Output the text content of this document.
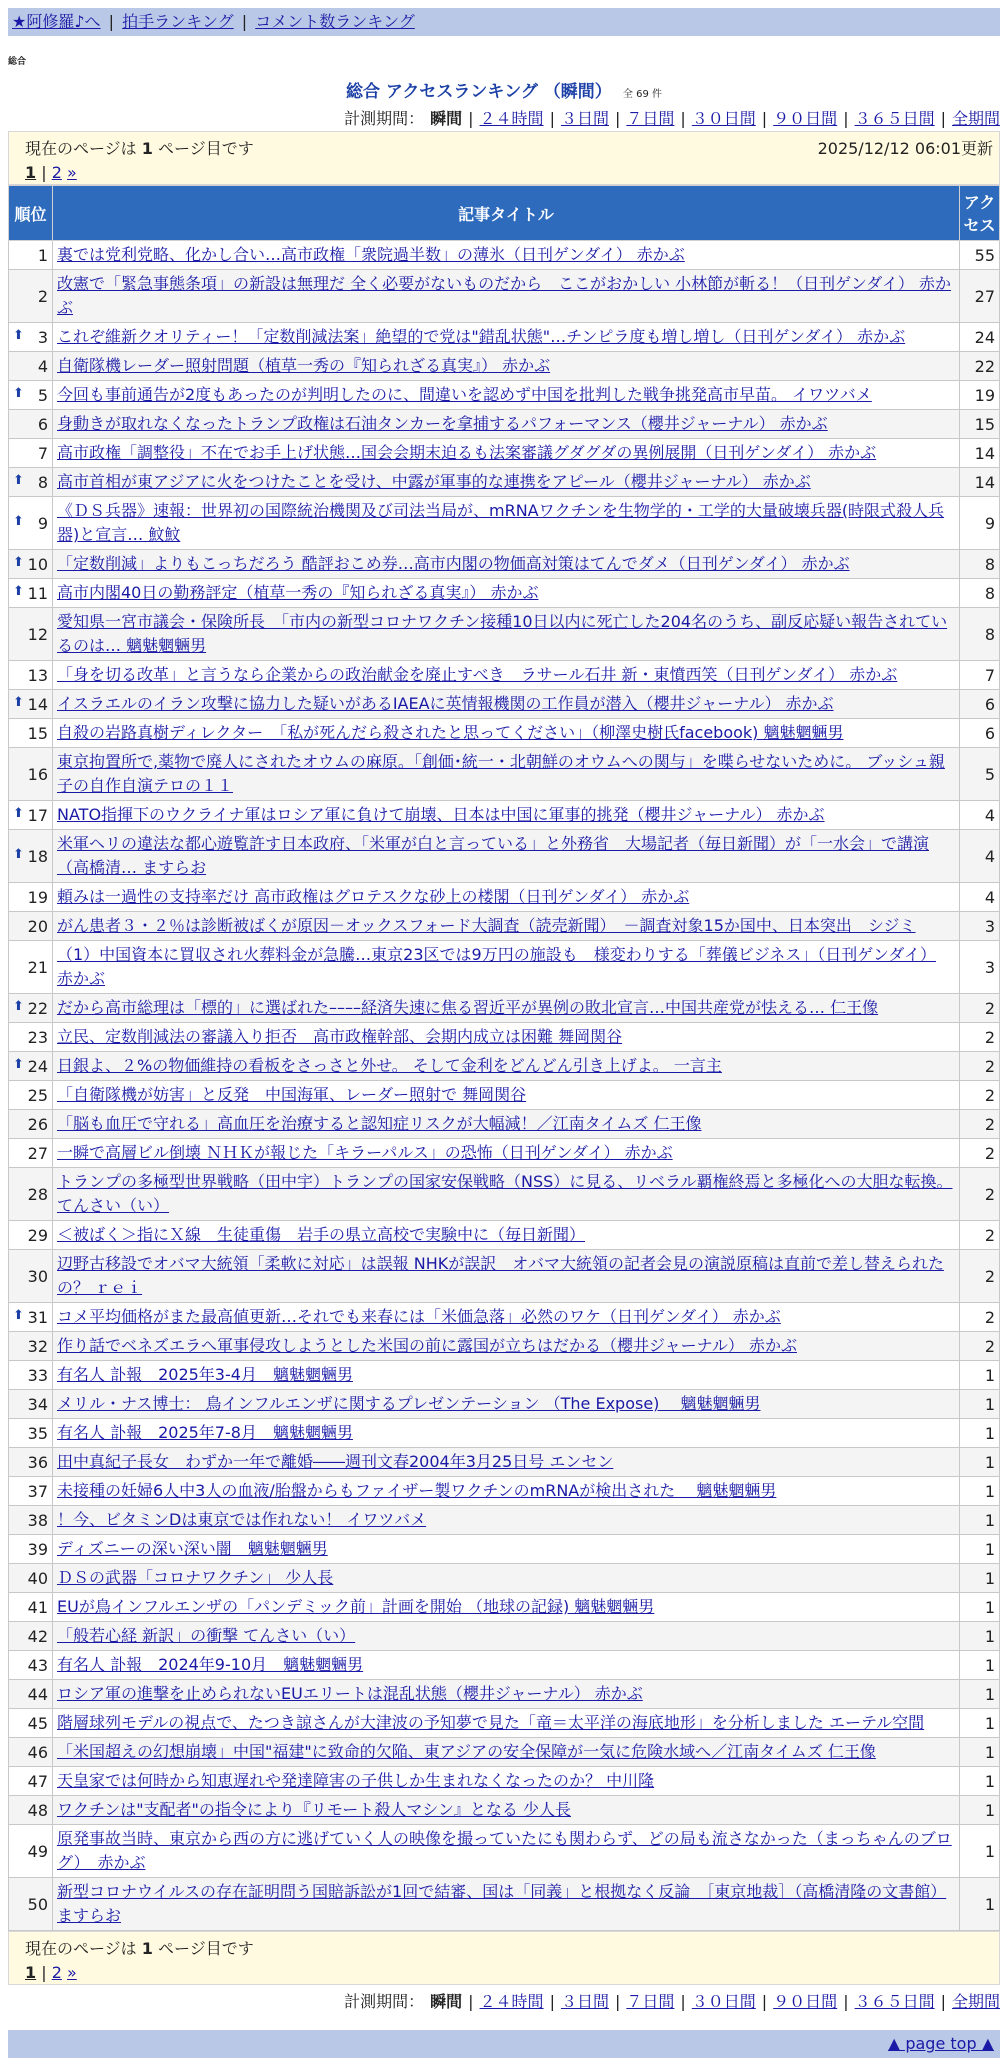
★阿修羅♪へ | 拍手ランキング | コメント数ランキング
総合
総合 アクセスランキング （瞬間） 全 69 件
計測期間： 瞬間 | ２４時間 | ３日間 | ７日間 | ３０日間 | ９０日間 | ３６５日間 | 全期間
現在のページは 1 ページ目です	2025/12/12 06:01更新
1 | 2 »
順位	記事タイトル	アクセス
1	裏では党利党略、化かし合い…高市政権「衆院過半数」の薄氷（日刊ゲンダイ） 赤かぶ	55
2	改憲で「緊急事態条項」の新設は無理だ 全く必要がないものだから　ここがおかしい 小林節が斬る！（日刊ゲンダイ） 赤かぶ	27

⬆ 3	これぞ維新クオリティー！「定数削減法案」絶望的で党は"錯乱状態"…チンピラ度も増し増し（日刊ゲンダイ） 赤かぶ	24
4	自衛隊機レーダー照射問題（植草一秀の『知られざる真実』） 赤かぶ	22

⬆ 5	今回も事前通告が2度もあったのが判明したのに、間違いを認めず中国を批判した戦争挑発高市早苗。 イワツバメ	19
6	身動きが取れなくなったトランプ政権は石油タンカーを拿捕するパフォーマンス（櫻井ジャーナル） 赤かぶ	15
7	高市政権「調整役」不在でお手上げ状態…国会会期末迫るも法案審議グダグダの異例展開（日刊ゲンダイ） 赤かぶ	14

⬆ 8	高市首相が東アジアに火をつけたことを受け、中露が軍事的な連携をアピール（櫻井ジャーナル） 赤かぶ	14

⬆ 9	《ＤＳ兵器》速報：世界初の国際統治機関及び司法当局が、mRNAワクチンを生物学的・工学的大量破壊兵器(時限式殺人兵器)と宣言… 魰魰	9

⬆ 10	「定数削減」よりもこっちだろう 酷評おこめ券…高市内閣の物価高対策はてんでダメ（日刊ゲンダイ） 赤かぶ	8

⬆ 11	高市内閣40日の勤務評定（植草一秀の『知られざる真実』） 赤かぶ	8
12	愛知県一宮市議会・保険所長　「市内の新型コロナワクチン接種10日以内に死亡した204名のうち、副反応疑い報告されているのは… 魑魅魍魎男	8
13	「身を切る改革」と言うなら企業からの政治献金を廃止すべき　ラサール石井 新・東憤西笑（日刊ゲンダイ） 赤かぶ	7

⬆ 14	イスラエルのイラン攻撃に協力した疑いがあるIAEAに英情報機関の工作員が潜入（櫻井ジャーナル） 赤かぶ	6
15	自殺の岩路真樹ディレクター　「私が死んだら殺されたと思ってください」（柳澤史樹氏facebook) 魑魅魍魎男	6
16	東京拘置所で,薬物で廃人にされたオウムの麻原。「創価･統一・北朝鮮のオウムへの関与」を喋らせないために。 ブッシュ親子の自作自演テロの１１	5

⬆ 17	NATO指揮下のウクライナ軍はロシア軍に負けて崩壊、日本は中国に軍事的挑発（櫻井ジャーナル） 赤かぶ	4

⬆ 18	米軍ヘリの違法な都心遊覧許す日本政府、「米軍が白と言っている」と外務省　大場記者（毎日新聞）が「一水会」で講演（高橋清… ますらお	4
19	頼みは一過性の支持率だけ 高市政権はグロテスクな砂上の楼閣（日刊ゲンダイ） 赤かぶ	4
20	がん患者３・２％は診断被ばくが原因－オックスフォード大調査（読売新聞）　－調査対象15か国中、日本突出　シジミ	3
21	（1）中国資本に買収され火葬料金が急騰…東京23区では9万円の施設も　様変わりする「葬儀ビジネス」（日刊ゲンダイ） 赤かぶ	3

⬆ 22	だから高市総理は「標的」に選ばれた––––経済失速に焦る習近平が異例の敗北宣言…中国共産党が怯える… 仁王像	2
23	立民、定数削減法の審議入り拒否　高市政権幹部、会期内成立は困難 舞岡関谷	2

⬆ 24	日銀よ、２%の物価維持の看板をさっさと外せ。 そして金利をどんどん引き上げよ。 一言主	2
25	「自衛隊機が妨害」と反発　中国海軍、レーダー照射で 舞岡関谷	2
26	「脳も血圧で守れる」高血圧を治療すると認知症リスクが大幅減！／江南タイムズ 仁王像	2
27	一瞬で高層ビル倒壊 ＮＨＫが報じた「キラーパルス」の恐怖（日刊ゲンダイ） 赤かぶ	2
28	トランプの多極型世界戦略（田中宇）トランプの国家安保戦略（NSS）に見る、リベラル覇権終焉と多極化への大胆な転換。 てんさい（い）	2
29	＜被ばく＞指にＸ線　生徒重傷　岩手の県立高校で実験中に（毎日新聞）	2
30	辺野古移設でオバマ大統領「柔軟に対応」は誤報 NHKが誤訳　オバマ大統領の記者会見の演説原稿は直前で差し替えられたの？ ｒｅｉ	2

⬆ 31	コメ平均価格がまた最高値更新…それでも来春には「米価急落」必然のワケ（日刊ゲンダイ） 赤かぶ	2
32	作り話でベネズエラへ軍事侵攻しようとした米国の前に露国が立ちはだかる（櫻井ジャーナル） 赤かぶ	2
33	有名人 訃報　2025年3-4月　魑魅魍魎男	1
34	メリル・ナス博士： 鳥インフルエンザに関するプレゼンテーション （The Expose)　 魑魅魍魎男	1
35	有名人 訃報　2025年7-8月　魑魅魍魎男	1
36	田中真紀子長女　わずか一年で離婚――週刊文春2004年3月25日号 エンセン	1
37	未接種の妊婦6人中3人の血液/胎盤からもファイザー製ワクチンのmRNAが検出された　 魑魅魍魎男	1
38	！今、ビタミンDは東京では作れない！ イワツバメ	1
39	ディズニーの深い深い闇　魑魅魍魎男	1
40	ＤＳの武器「コロナワクチン」 少人長	1
41	EUが鳥インフルエンザの「パンデミック前」計画を開始 （地球の記録) 魑魅魍魎男	1
42	「般若心経 新訳」の衝撃 てんさい（い）	1
43	有名人 訃報　2024年9-10月　魑魅魍魎男	1
44	ロシア軍の進撃を止められないEUエリートは混乱状態（櫻井ジャーナル） 赤かぶ	1
45	階層球列モデルの視点で、たつき諒さんが大津波の予知夢で見た「竜＝太平洋の海底地形」を分析しました エーテル空間	1
46	「米国超えの幻想崩壊」中国"福建"に致命的欠陥、東アジアの安全保障が一気に危険水域へ／江南タイムズ 仁王像	1
47	天皇家では何時から知恵遅れや発達障害の子供しか生まれなくなったのか？ 中川隆	1
48	ワクチンは"支配者"の指令により『リモート殺人マシン』となる 少人長	1
49	原発事故当時、東京から西の方に逃げていく人の映像を撮っていたにも関わらず、どの局も流さなかった（まっちゃんのブログ）　赤かぶ	1
50	新型コロナウイルスの存在証明問う国賠訴訟が1回で結審、国は「同義」と根拠なく反論　［東京地裁］（高橋清隆の文書館） ますらお	1
現在のページは 1 ページ目です
1 | 2 »
計測期間： 瞬間 | ２４時間 | ３日間 | ７日間 | ３０日間 | ９０日間 | ３６５日間 | 全期間
▲ page top ▲
